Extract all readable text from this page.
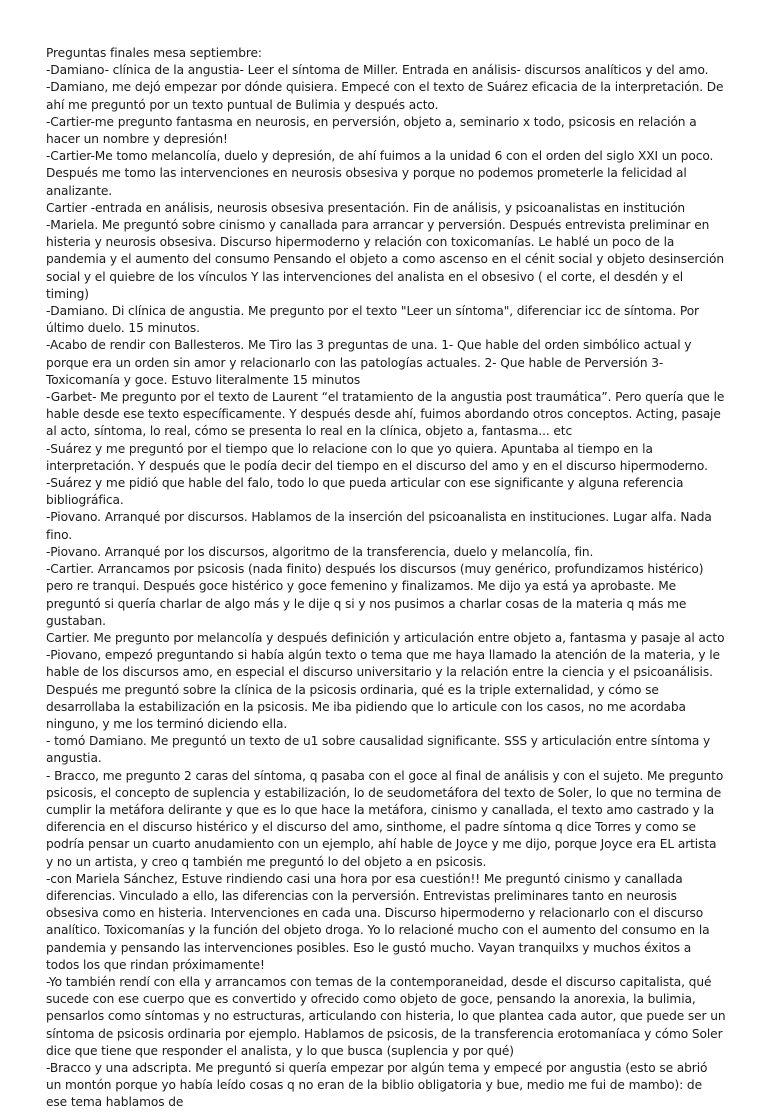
Preguntas finales mesa septiembre:

-Damiano- clínica de la angustia- Leer el síntoma de Miller. Entrada en análisis- discursos analíticos y del amo.

-Damiano, me dejó empezar por dónde quisiera. Empecé con el texto de Suárez eficacia de la interpretación. De ahí me preguntó por un texto puntual de Bulimia y después acto.

-Cartier-me pregunto fantasma en neurosis, en perversión, objeto a, seminario x todo, psicosis en relación a hacer un nombre y depresión!

-Cartier-Me tomo melancolía, duelo y depresión, de ahí fuimos a la unidad 6 con el orden del siglo XXI un poco. Después me tomo las intervenciones en neurosis obsesiva y porque no podemos prometerle la felicidad al analizante.

Cartier -entrada en análisis, neurosis obsesiva presentación. Fin de análisis, y psicoanalistas en institución

-Mariela. Me preguntó sobre cinismo y canallada para arrancar y perversión. Después entrevista preliminar en histeria y neurosis obsesiva. Discurso hipermoderno y relación con toxicomanías. Le hablé un poco de la pandemia y el aumento del consumo Pensando el objeto a como ascenso en el cénit social y objeto desinserción social y el quiebre de los vínculos Y las intervenciones del analista en el obsesivo ( el corte, el desdén y el timing)

-Damiano. Di clínica de angustia. Me pregunto por el texto "Leer un síntoma", diferenciar icc de síntoma. Por último duelo. 15 minutos.

-Acabo de rendir con Ballesteros. Me Tiro las 3 preguntas de una. 1- Que hable del orden simbólico actual y porque era un orden sin amor y relacionarlo con las patologías actuales. 2- Que hable de Perversión 3- Toxicomanía y goce. Estuvo literalmente 15 minutos

-Garbet- Me pregunto por el texto de Laurent “el tratamiento de la angustia post traumática”. Pero quería que le hable desde ese texto específicamente. Y después desde ahí, fuimos abordando otros conceptos. Acting, pasaje al acto, síntoma, lo real, cómo se presenta lo real en la clínica, objeto a, fantasma... etc

-Suárez y me preguntó por el tiempo que lo relacione con lo que yo quiera. Apuntaba al tiempo en la interpretación. Y después que le podía decir del tiempo en el discurso del amo y en el discurso hipermoderno.

-Suárez y me pidió que hable del falo, todo lo que pueda articular con ese significante y alguna referencia bibliográfica.

-Piovano. Arranqué por discursos. Hablamos de la inserción del psicoanalista en instituciones. Lugar alfa. Nada fino.

-Piovano. Arranqué por los discursos, algoritmo de la transferencia, duelo y melancolía, fin.

-Cartier. Arrancamos por psicosis (nada finito) después los discursos (muy genérico, profundizamos histérico) pero re tranqui. Después goce histérico y goce femenino y finalizamos. Me dijo ya está ya aprobaste. Me preguntó si quería charlar de algo más y le dije q si y nos pusimos a charlar cosas de la materia q más me gustaban.

Cartier. Me pregunto por melancolía y después definición y articulación entre objeto a, fantasma y pasaje al acto

-Piovano, empezó preguntando si había algún texto o tema que me haya llamado la atención de la materia, y le hable de los discursos amo, en especial el discurso universitario y la relación entre la ciencia y el psicoanálisis. Después me preguntó sobre la clínica de la psicosis ordinaria, qué es la triple externalidad, y cómo se desarrollaba la estabilización en la psicosis. Me iba pidiendo que lo articule con los casos, no me acordaba ninguno, y me los terminó diciendo ella.

- tomó Damiano. Me preguntó un texto de u1 sobre causalidad significante. SSS y articulación entre síntoma y angustia.

- Bracco, me pregunto 2 caras del síntoma, q pasaba con el goce al final de análisis y con el sujeto. Me pregunto psicosis, el concepto de suplencia y estabilización, lo de seudometáfora del texto de Soler, lo que no termina de cumplir la metáfora delirante y que es lo que hace la metáfora, cinismo y canallada, el texto amo castrado y la diferencia en el discurso histérico y el discurso del amo, sinthome, el padre síntoma q dice Torres y como se podría pensar un cuarto anudamiento con un ejemplo, ahí hable de Joyce y me dijo, porque Joyce era EL artista y no un artista, y creo q también me preguntó lo del objeto a en psicosis.

-con Mariela Sánchez, Estuve rindiendo casi una hora por esa cuestión!! Me preguntó cinismo y canallada diferencias. Vinculado a ello, las diferencias con la perversión. Entrevistas preliminares tanto en neurosis obsesiva como en histeria. Intervenciones en cada una. Discurso hipermoderno y relacionarlo con el discurso analítico. Toxicomanías y la función del objeto droga. Yo lo relacioné mucho con el aumento del consumo en la pandemia y pensando las intervenciones posibles. Eso le gustó mucho. Vayan tranquilxs y muchos éxitos a todos los que rindan próximamente!

-Yo también rendí con ella y arrancamos con temas de la contemporaneidad, desde el discurso capitalista, qué sucede con ese cuerpo que es convertido y ofrecido como objeto de goce, pensando la anorexia, la bulimia, pensarlos como síntomas y no estructuras, articulando con histeria, lo que plantea cada autor, que puede ser un síntoma de psicosis ordinaria por ejemplo. Hablamos de psicosis, de la transferencia erotomaníaca y cómo Soler dice que tiene que responder el analista, y lo que busca (suplencia y por qué)

-Bracco y una adscripta. Me preguntó si quería empezar por algún tema y empecé por angustia (esto se abrió un montón porque yo había leído cosas q no eran de la biblio obligatoria y bue, medio me fui de mambo): de ese tema hablamos de
